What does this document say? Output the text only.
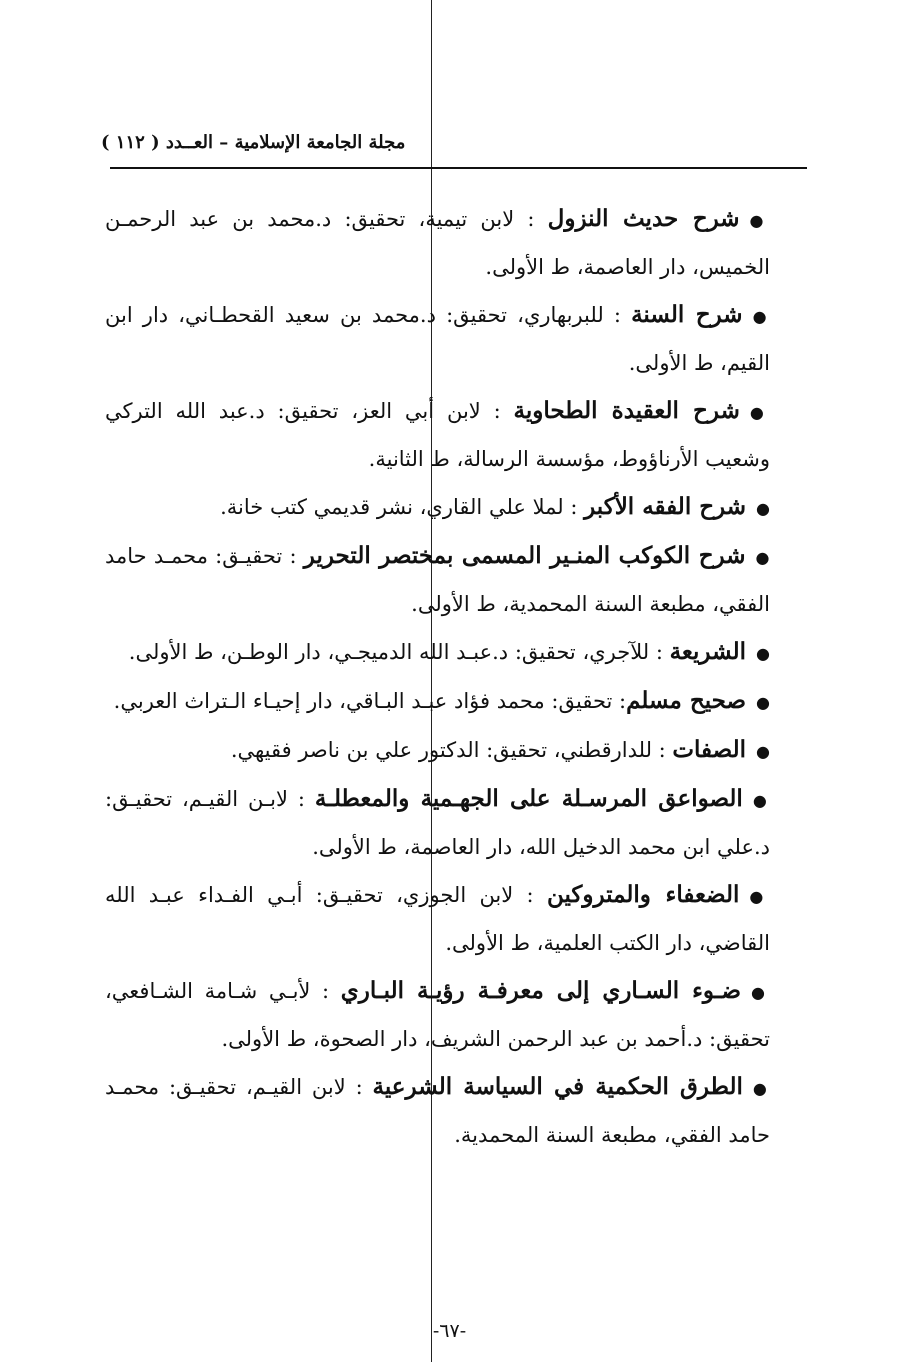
مجلة الجامعة الإسلامية – العــدد ( ١١٢ )
●شرح حديث النزول : لابن تيمية، تحقيق: د.محمد بن عبد الرحمـن الخميس، دار العاصمة، ط الأولى.
●شرح السنة : للبربهاري، تحقيق: د.محمد بن سعيد القحطـاني، دار ابن القيم، ط الأولى.
●شرح العقيدة الطحاوية : لابن أبي العز، تحقيق: د.عبد الله التركي وشعيب الأرناؤوط، مؤسسة الرسالة، ط الثانية.
●شرح الفقه الأكبر : لملا علي القاري، نشر قديمي كتب خانة.
●شرح الكوكب المنـير المسمى بمختصر التحرير : تحقيـق: محمـد حامد الفقي، مطبعة السنة المحمدية، ط الأولى.
●الشريعة : للآجري، تحقيق: د.عبـد الله الدميجـي، دار الوطـن، ط الأولى.
●صحيح مسلم: تحقيق: محمد فؤاد عبـد البـاقي، دار إحيـاء الـتراث العربي.
●الصفات : للدارقطني، تحقيق: الدكتور علي بن ناصر فقيهي.
●الصواعق المرسـلة على الجهـمية والمعطلـة : لابـن القيـم، تحقيـق: د.علي ابن محمد الدخيل الله، دار العاصمة، ط الأولى.
●الضعفاء والمتروكين : لابن الجوزي، تحقيـق: أبـي الفـداء عبـد الله القاضي، دار الكتب العلمية، ط الأولى.
●ضـوء السـاري إلى معرفـة رؤيـة البـاري : لأبـي شـامة الشـافعي، تحقيق: د.أحمد بن عبد الرحمن الشريف، دار الصحوة، ط الأولى.
●الطرق الحكمية في السياسة الشرعية : لابن القيـم، تحقيـق: محمـد حامد الفقي، مطبعة السنة المحمدية.
-٦٧-
